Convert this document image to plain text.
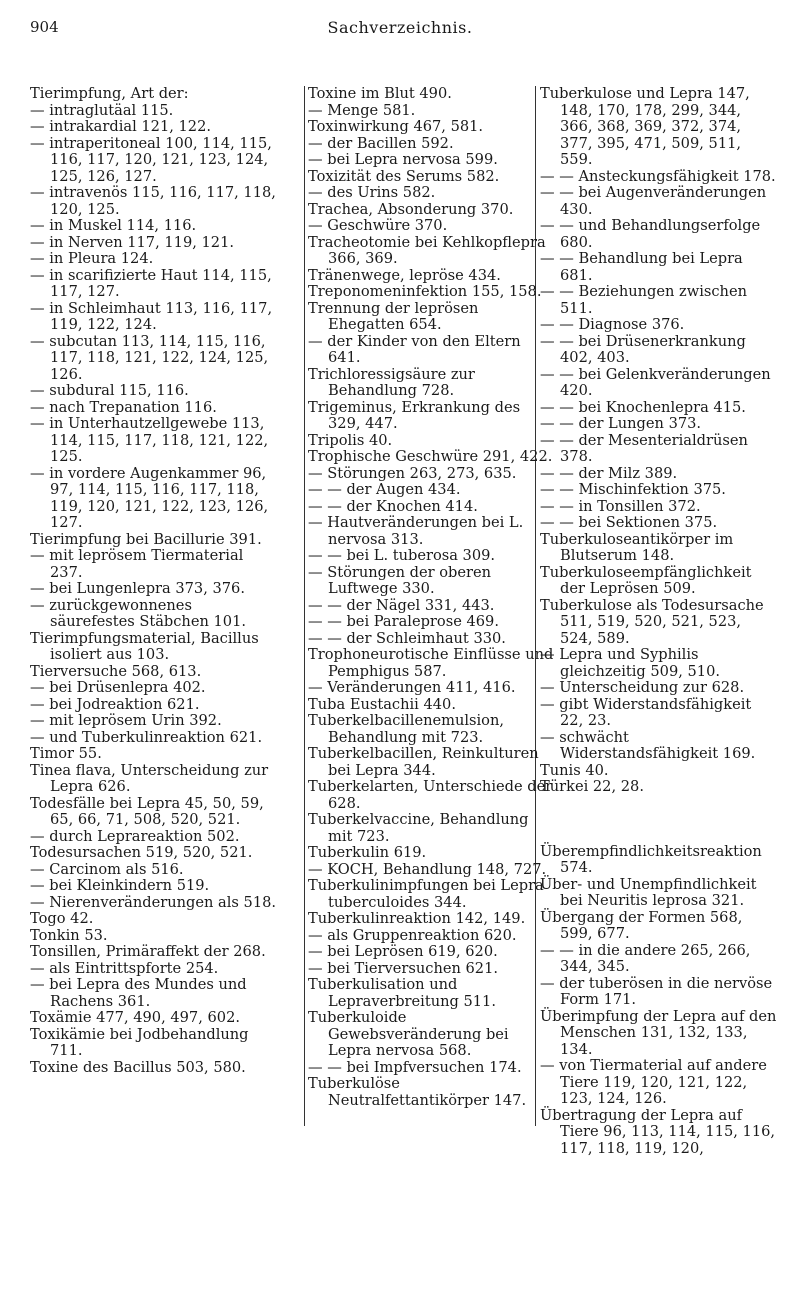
904	Sachverzeichnis.

Tierimpfung, Art der:

— intraglutäal 115.

— intrakardial 121, 122.

— intraperitoneal 100, 114, 115, 116, 117, 120, 121, 123, 124, 125, 126, 127.

— intravenös 115, 116, 117, 118, 120, 125.

— in Muskel 114, 116.

— in Nerven 117, 119, 121.

— in Pleura 124.

— in scarifizierte Haut 114, 115, 117, 127.

— in Schleimhaut 113, 116, 117, 119, 122, 124.

— subcutan 113, 114, 115, 116, 117, 118, 121, 122, 124, 125, 126.

— subdural 115, 116.

— nach Trepanation 116.

— in Unterhautzellgewebe 113, 114, 115, 117, 118, 121, 122, 125.

— in vordere Augenkammer 96, 97, 114, 115, 116, 117, 118, 119, 120, 121, 122, 123, 126, 127.

Tierimpfung bei Bacillurie 391.

— mit leprösem Tiermaterial 237.

— bei Lungenlepra 373, 376.

— zurückgewonnenes säurefestes Stäbchen 101.

Tierimpfungsmaterial, Bacillus isoliert aus 103.

Tierversuche 568, 613.

— bei Drüsenlepra 402.

— bei Jodreaktion 621.

— mit leprösem Urin 392.

— und Tuberkulinreaktion 621.

Timor 55.

Tinea flava, Unterscheidung zur Lepra 626.

Todesfälle bei Lepra 45, 50, 59, 65, 66, 71, 508, 520, 521.

— durch Leprareaktion 502.

Todesursachen 519, 520, 521.

— Carcinom als 516.

— bei Kleinkindern 519.

— Nierenveränderungen als 518.

Togo 42.

Tonkin 53.

Tonsillen, Primäraffekt der 268.

— als Eintrittspforte 254.

— bei Lepra des Mundes und Rachens 361.

Toxämie 477, 490, 497, 602.

Toxikämie bei Jodbehandlung 711.

Toxine des Bacillus 503, 580.

Toxine im Blut 490.

— Menge 581.

Toxinwirkung 467, 581.

— der Bacillen 592.

— bei Lepra nervosa 599.

Toxizität des Serums 582.

— des Urins 582.

Trachea, Absonderung 370.

— Geschwüre 370.

Tracheotomie bei Kehlkopflepra 366, 369.

Tränenwege, lepröse 434.

Treponomeninfektion 155, 158.

Trennung der leprösen Ehegatten 654.

— der Kinder von den Eltern 641.

Trichloressigsäure zur Behandlung 728.

Trigeminus, Erkrankung des 329, 447.

Tripolis 40.

Trophische Geschwüre 291, 422.

— Störungen 263, 273, 635.

— — der Augen 434.

— — der Knochen 414.

— Hautveränderungen bei L. nervosa 313.

— — bei L. tuberosa 309.

— Störungen der oberen Luftwege 330.

— — der Nägel 331, 443.

— — bei Paraleprose 469.

— — der Schleimhaut 330.

Trophoneurotische Einflüsse und Pemphigus 587.

— Veränderungen 411, 416.

Tuba Eustachii 440.

Tuberkelbacillenemulsion, Behandlung mit 723.

Tuberkelbacillen, Reinkulturen bei Lepra 344.

Tuberkelarten, Unterschiede der 628.

Tuberkelvaccine, Behandlung mit 723.

Tuberkulin 619.

— KOCH, Behandlung 148, 727.

Tuberkulinimpfungen bei Lepra tuberculoides 344.

Tuberkulinreaktion 142, 149.

— als Gruppenreaktion 620.

— bei Leprösen 619, 620.

— bei Tierversuchen 621.

Tuberkulisation und Lepraverbreitung 511.

Tuberkuloide Gewebsveränderung bei Lepra nervosa 568.

— — bei Impfversuchen 174.

Tuberkulöse Neutralfettantikörper 147.

Tuberkulose und Lepra 147, 148, 170, 178, 299, 344, 366, 368, 369, 372, 374, 377, 395, 471, 509, 511, 559.

— — Ansteckungsfähigkeit 178.

— — bei Augenveränderungen 430.

— — und Behandlungserfolge 680.

— — Behandlung bei Lepra 681.

— — Beziehungen zwischen 511.

— — Diagnose 376.

— — bei Drüsenerkrankung 402, 403.

— — bei Gelenkveränderungen 420.

— — bei Knochenlepra 415.

— — der Lungen 373.

— — der Mesenterialdrüsen 378.

— — der Milz 389.

— — Mischinfektion 375.

— — in Tonsillen 372.

— — bei Sektionen 375.

Tuberkuloseantikörper im Blutserum 148.

Tuberkuloseempfänglichkeit der Leprösen 509.

Tuberkulose als Todesursache 511, 519, 520, 521, 523, 524, 589.

— Lepra und Syphilis gleichzeitig 509, 510.

— Unterscheidung zur 628.

— gibt Widerstandsfähigkeit 22, 23.

— schwächt Widerstandsfähigkeit 169.

Tunis 40.

Türkei 22, 28.

Überempfindlichkeitsreaktion 574.

Über- und Unempfindlichkeit bei Neuritis leprosa 321.

Übergang der Formen 568, 599, 677.

— — in die andere 265, 266, 344, 345.

— der tuberösen in die nervöse Form 171.

Überimpfung der Lepra auf den Menschen 131, 132, 133, 134.

— von Tiermaterial auf andere Tiere 119, 120, 121, 122, 123, 124, 126.

Übertragung der Lepra auf Tiere 96, 113, 114, 115, 116, 117, 118, 119, 120,
